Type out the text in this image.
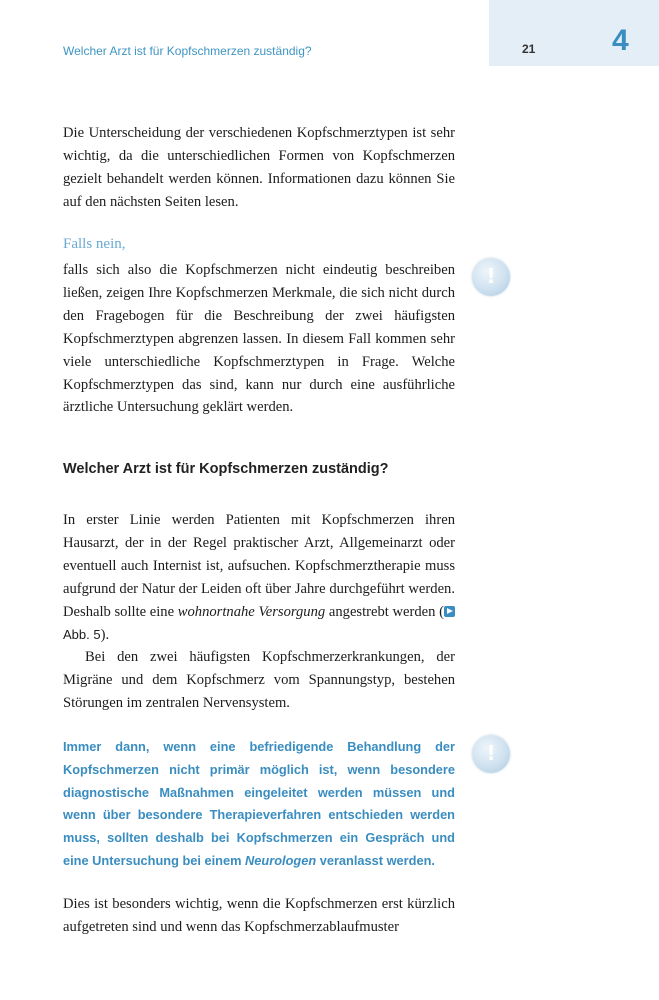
Welcher Arzt ist für Kopfschmerzen zuständig?	21	4
Die Unterscheidung der verschiedenen Kopfschmerztypen ist sehr wichtig, da die unterschiedlichen Formen von Kopfschmerzen gezielt behandelt werden können. Informationen dazu können Sie auf den nächsten Seiten lesen.
Falls nein,
falls sich also die Kopfschmerzen nicht eindeutig beschreiben ließen, zeigen Ihre Kopfschmerzen Merkmale, die sich nicht durch den Fragebogen für die Beschreibung der zwei häufigsten Kopfschmerztypen abgrenzen lassen. In diesem Fall kommen sehr viele unterschiedliche Kopfschmerztypen in Frage. Welche Kopfschmerztypen das sind, kann nur durch eine ausführliche ärztliche Untersuchung geklärt werden.
!
Welcher Arzt ist für Kopfschmerzen zuständig?
In erster Linie werden Patienten mit Kopfschmerzen ihren Hausarzt, der in der Regel praktischer Arzt, Allgemeinarzt oder eventuell auch Internist ist, aufsuchen. Kopfschmerztherapie muss aufgrund der Natur der Leiden oft über Jahre durchgeführt werden. Deshalb sollte eine wohnortnahe Versorgung angestrebt werden ( Abb. 5).
Bei den zwei häufigsten Kopfschmerzerkrankungen, der Migräne und dem Kopfschmerz vom Spannungstyp, bestehen Störungen im zentralen Nervensystem.
Immer dann, wenn eine befriedigende Behandlung der Kopfschmerzen nicht primär möglich ist, wenn besondere diagnostische Maßnahmen eingeleitet werden müssen und wenn über besondere Therapieverfahren entschieden werden muss, sollten deshalb bei Kopfschmerzen ein Gespräch und eine Untersuchung bei einem Neurologen veranlasst werden.
!
Dies ist besonders wichtig, wenn die Kopfschmerzen erst kürzlich aufgetreten sind und wenn das Kopfschmerzablaufmuster
